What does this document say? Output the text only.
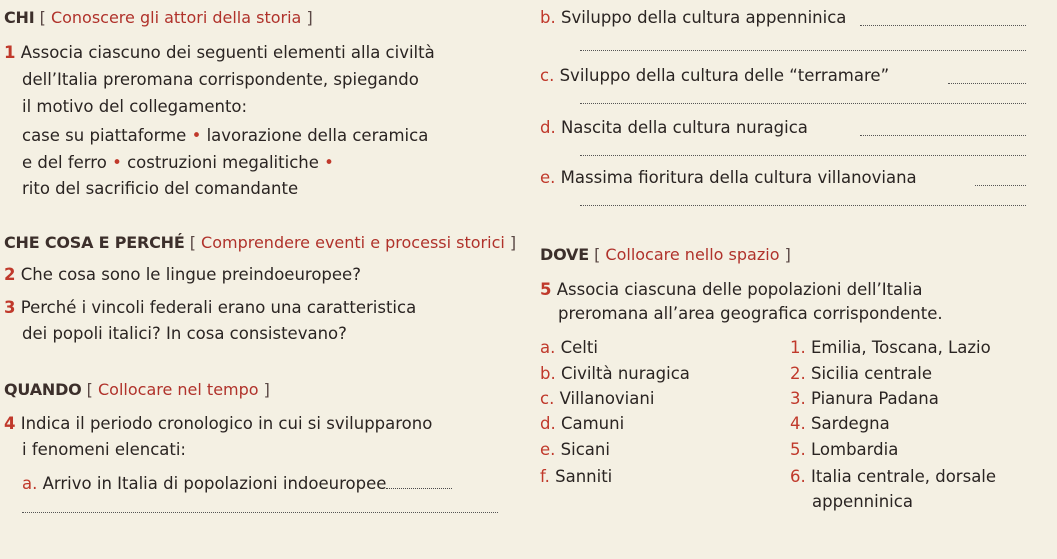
CHI [ Conoscere gli attori della storia ]
1 Associa ciascuno dei seguenti elementi alla civiltà
dell’Italia preromana corrispondente, spiegando
il motivo del collegamento:
case su piattaforme • lavorazione della ceramica
e del ferro • costruzioni megalitiche •
rito del sacrificio del comandante
CHE COSA E PERCHÉ [ Comprendere eventi e processi storici ]
2 Che cosa sono le lingue preindoeuropee?
3 Perché i vincoli federali erano una caratteristica
dei popoli italici? In cosa consistevano?
QUANDO [ Collocare nel tempo ]
4 Indica il periodo cronologico in cui si svilupparono
i fenomeni elencati:
a. Arrivo in Italia di popolazioni indoeuropee
b. Sviluppo della cultura appenninica
c. Sviluppo della cultura delle “terramare”
d. Nascita della cultura nuragica
e. Massima fioritura della cultura villanoviana
DOVE [ Collocare nello spazio ]
5 Associa ciascuna delle popolazioni dell’Italia
preromana all’area geografica corrispondente.
a. Celti
b. Civiltà nuragica
c. Villanoviani
d. Camuni
e. Sicani
f. Sanniti
1. Emilia, Toscana, Lazio
2. Sicilia centrale
3. Pianura Padana
4. Sardegna
5. Lombardia
6. Italia centrale, dorsale
appenninica
